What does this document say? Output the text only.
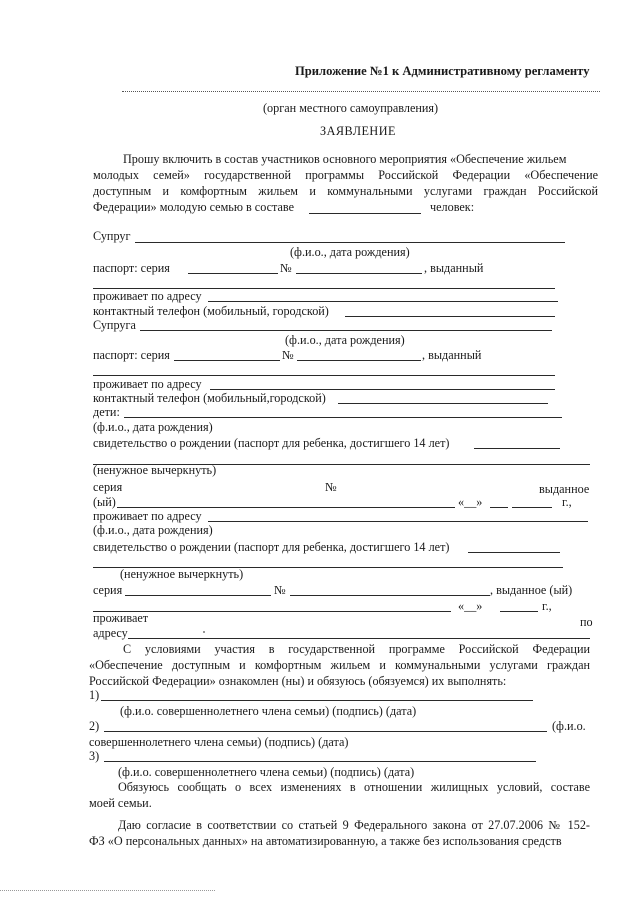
Приложение №1 к Административному регламенту
(орган местного самоуправления)
ЗАЯВЛЕНИЕ
Прошу включить в состав участников основного мероприятия «Обеспечение жильем
молодых семей» государственной программы Российской Федерации «Обеспечение
доступным и комфортным жильем и коммунальными услугами граждан Российской
Федерации» молодую семью в составе	человек:
Супруг
(ф.и.о., дата рождения)
паспорт: серия	№	, выданный
проживает по адресу
контактный телефон (мобильный, городской)
Супруга
(ф.и.о., дата рождения)
паспорт: серия	№	, выданный
проживает по адресу
контактный телефон (мобильный,городской)
дети:
(ф.и.о., дата рождения)
свидетельство о рождении (паспорт для ребенка, достигшего 14 лет)
(ненужное вычеркнуть)
серия	№	выданное
(ый)	«__»	г.,
проживает по адресу
(ф.и.о., дата рождения)
свидетельство о рождении (паспорт для ребенка, достигшего 14 лет)
(ненужное вычеркнуть)
серия	№	, выданное (ый)
«__»	г.,
проживает	по
адресу
С условиями участия в государственной программе Российской Федерации
«Обеспечение доступным и комфортным жильем и коммунальными услугами граждан
Российской Федерации» ознакомлен (ны) и обязуюсь (обязуемся) их выполнять:
1)
(ф.и.о. совершеннолетнего члена семьи) (подпись) (дата)
2)	(ф.и.о.
совершеннолетнего члена семьи) (подпись) (дата)
3)
(ф.и.о. совершеннолетнего члена семьи) (подпись) (дата)
Обязуюсь сообщать о всех изменениях в отношении жилищных условий, составе
моей семьи.
Даю согласие в соответствии со статьей 9 Федерального закона от 27.07.2006 № 152-
ФЗ «О персональных данных» на автоматизированную, а также без использования средств
